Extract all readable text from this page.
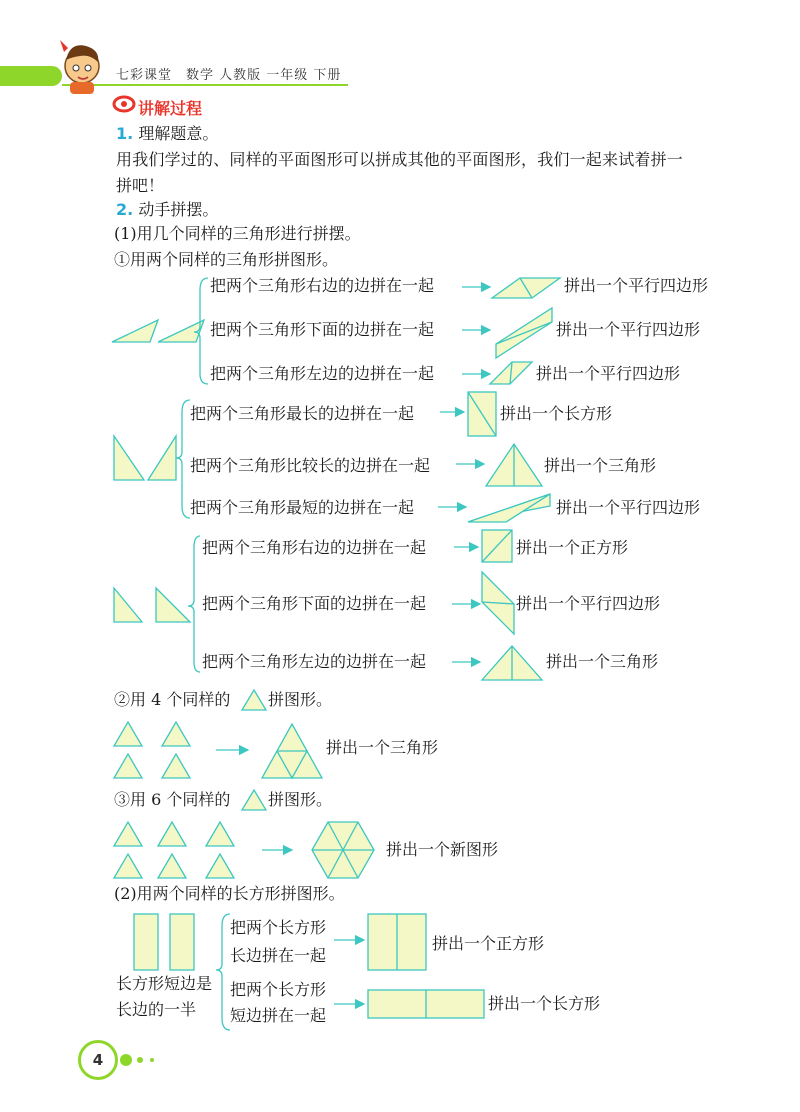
七彩课堂　数学 人教版 一年级 下册
讲解过程
1. 理解题意。
用我们学过的、同样的平面图形可以拼成其他的平面图形，我们一起来试着拼一
拼吧！
2. 动手拼摆。
(1)用几个同样的三角形进行拼摆。
①用两个同样的三角形拼图形。
把两个三角形右边的边拼在一起	拼出一个平行四边形
把两个三角形下面的边拼在一起	拼出一个平行四边形
把两个三角形左边的边拼在一起	拼出一个平行四边形
把两个三角形最长的边拼在一起	拼出一个长方形
把两个三角形比较长的边拼在一起	拼出一个三角形
把两个三角形最短的边拼在一起	拼出一个平行四边形
把两个三角形右边的边拼在一起	拼出一个正方形
把两个三角形下面的边拼在一起	拼出一个平行四边形
把两个三角形左边的边拼在一起	拼出一个三角形
②用 4 个同样的 拼图形。
拼出一个三角形
③用 6 个同样的 拼图形。
拼出一个新图形
(2)用两个同样的长方形拼图形。
把两个长方形
长边拼在一起
拼出一个正方形
长方形短边是
长边的一半
把两个长方形
短边拼在一起
拼出一个长方形
4
